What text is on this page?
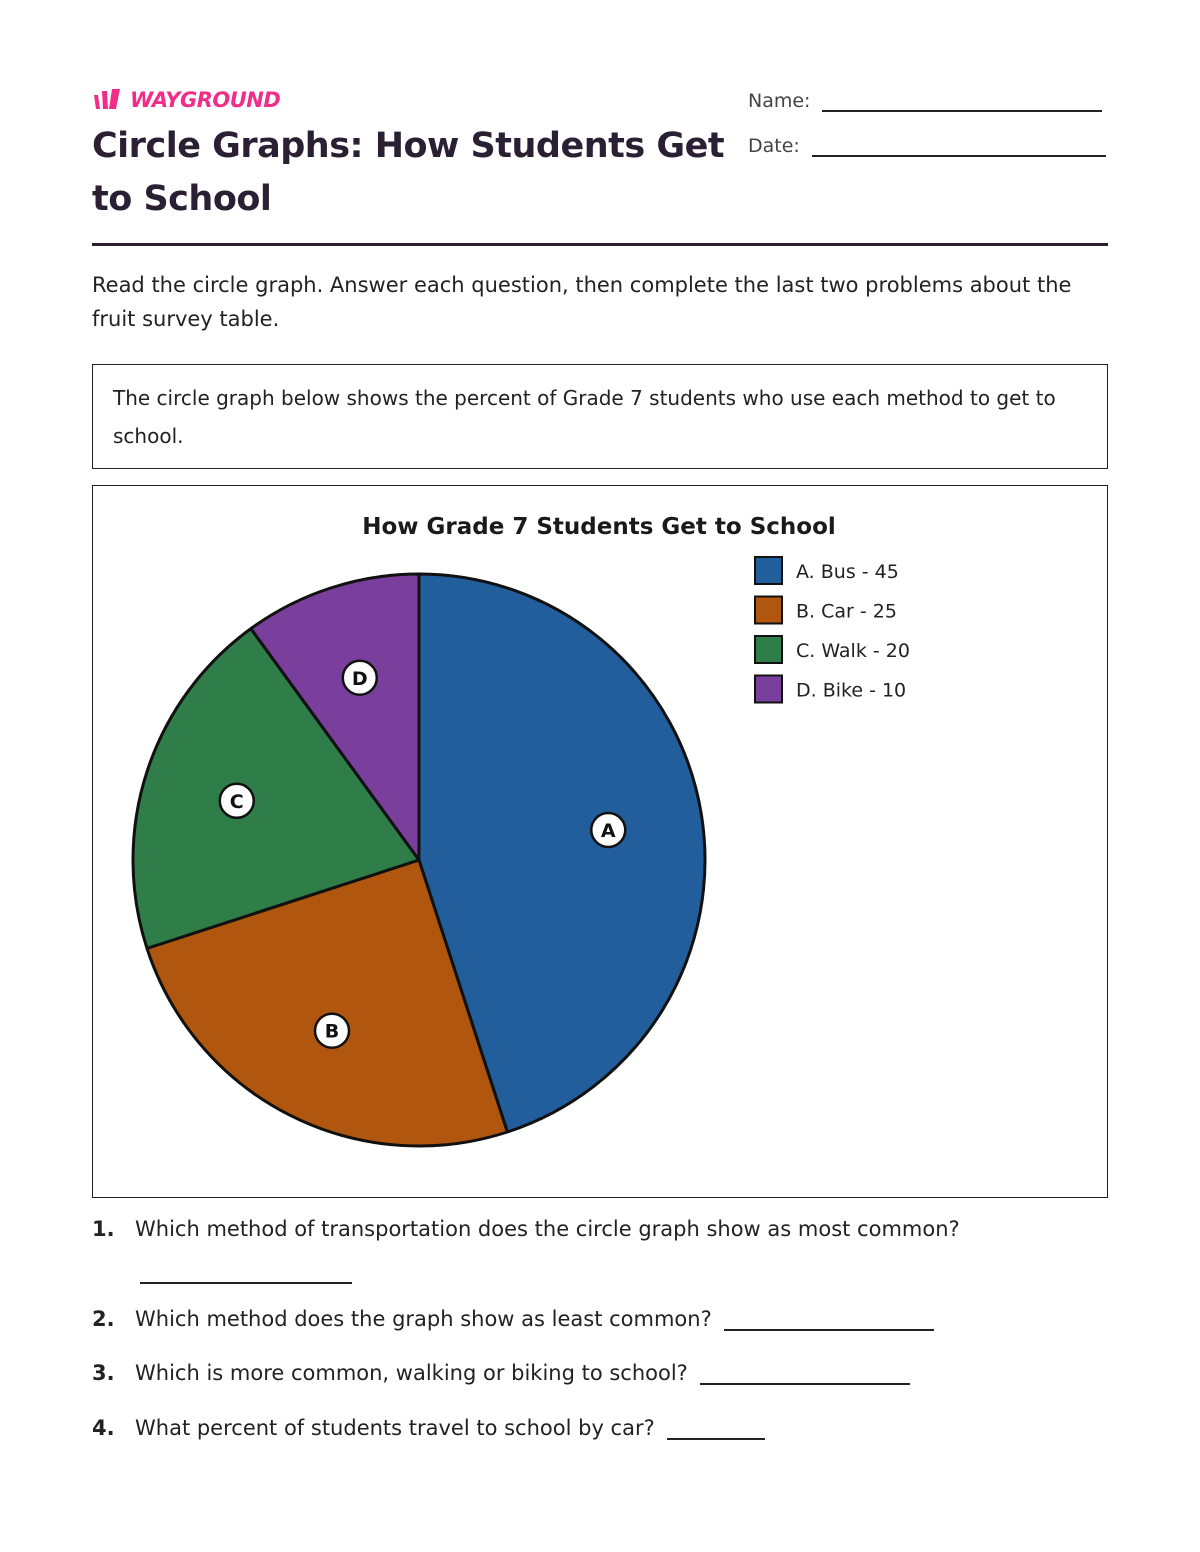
WAYGROUND
Circle Graphs: How Students Get to School
Name:
Date:

Read the circle graph. Answer each question, then complete the last two problems about the fruit survey table.

The circle graph below shows the percent of Grade 7 students who use each method to get to school.
How Grade 7 Students Get to School
A
B
C
D
A. Bus - 45
B. Car - 25
C. Walk - 20
D. Bike - 10
1. Which method of transportation does the circle graph show as most common?
2. Which method does the graph show as least common?
3. Which is more common, walking or biking to school?
4. What percent of students travel to school by car?
